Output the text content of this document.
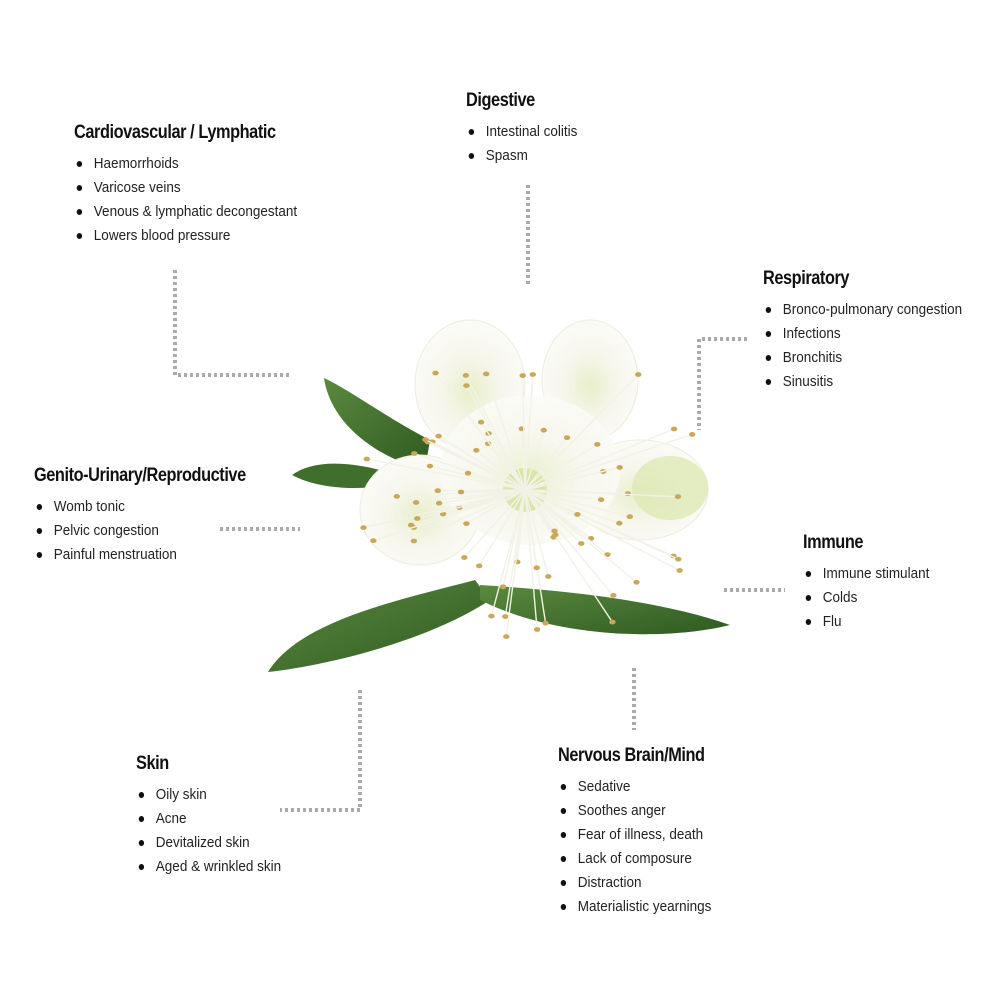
Digestive
Intestinal colitis
Spasm
Cardiovascular / Lymphatic
Haemorrhoids
Varicose veins
Venous & lymphatic decongestant
Lowers blood pressure
Respiratory
Bronco-pulmonary congestion
Infections
Bronchitis
Sinusitis
Genito-Urinary/Reproductive
Womb tonic
Pelvic congestion
Painful menstruation
Immune
Immune stimulant
Colds
Flu
Skin
Oily skin
Acne
Devitalized skin
Aged & wrinkled skin
Nervous Brain/Mind
Sedative
Soothes anger
Fear of illness, death
Lack of composure
Distraction
Materialistic yearnings
